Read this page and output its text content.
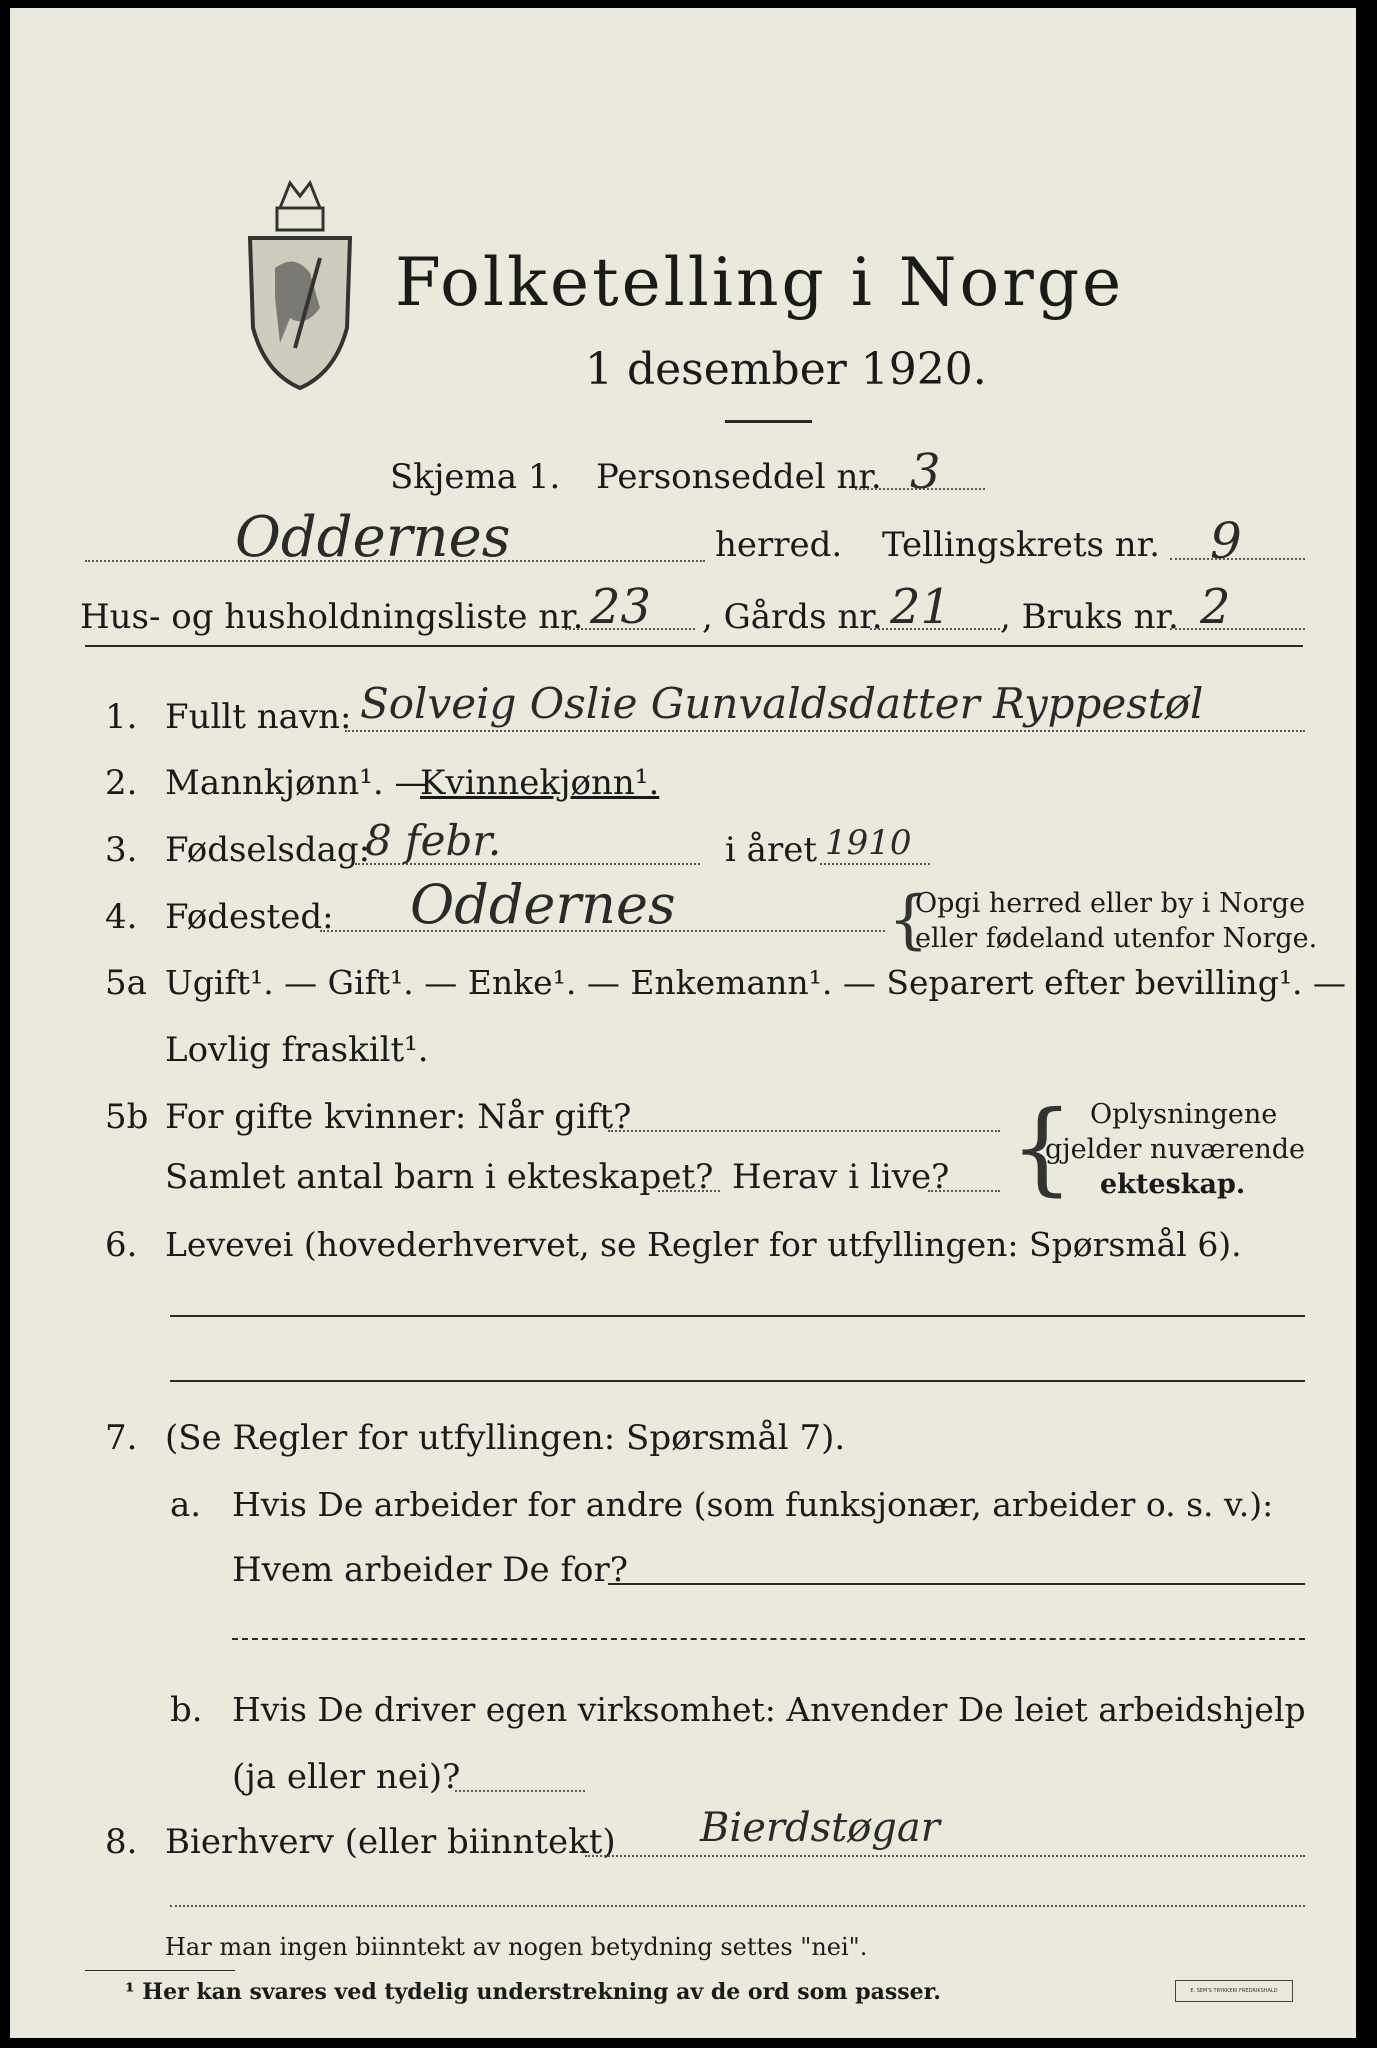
Folketelling i Norge
1 desember 1920.
Skjema 1. Personseddel nr. 3
Oddernes	herred. Tellingskrets nr. 9
Hus- og husholdningsliste nr. 23 , Gårds nr. 21 , Bruks nr. 2
1. Fullt navn: Solveig Oslie Gunvaldsdatter Ryppestøl
2. Mannkjønn¹. —
Kvinnekjønn¹.
3. Fødselsdag:
8 febr.	i året 1910
4. Fødested: Oddernes	{
Opgi herred eller by i Norge
eller fødeland utenfor Norge.
5a Ugift¹. — Gift¹. — Enke¹. — Enkemann¹. — Separert efter bevilling¹. —
Lovlig fraskilt¹.
5b For gifte kvinner: Når gift?
Samlet antal barn i ekteskapet? Herav i live? { Oplysningene
gjelder nuværende
ekteskap.
6. Levevei (hovederhvervet, se Regler for utfyllingen: Spørsmål 6).
7. (Se Regler for utfyllingen: Spørsmål 7).
a. Hvis De arbeider for andre (som funksjonær, arbeider o. s. v.):
Hvem arbeider De for?
b. Hvis De driver egen virksomhet: Anvender De leiet arbeidshjelp
(ja eller nei)?
8. Bierhverv (eller biinntekt) Bierdstøgar
Har man ingen biinntekt av nogen betydning settes "nei".
¹ Her kan svares ved tydelig understrekning av de ord som passer.	E. SEM'S TRYKKERI FREDRIKSHALD
